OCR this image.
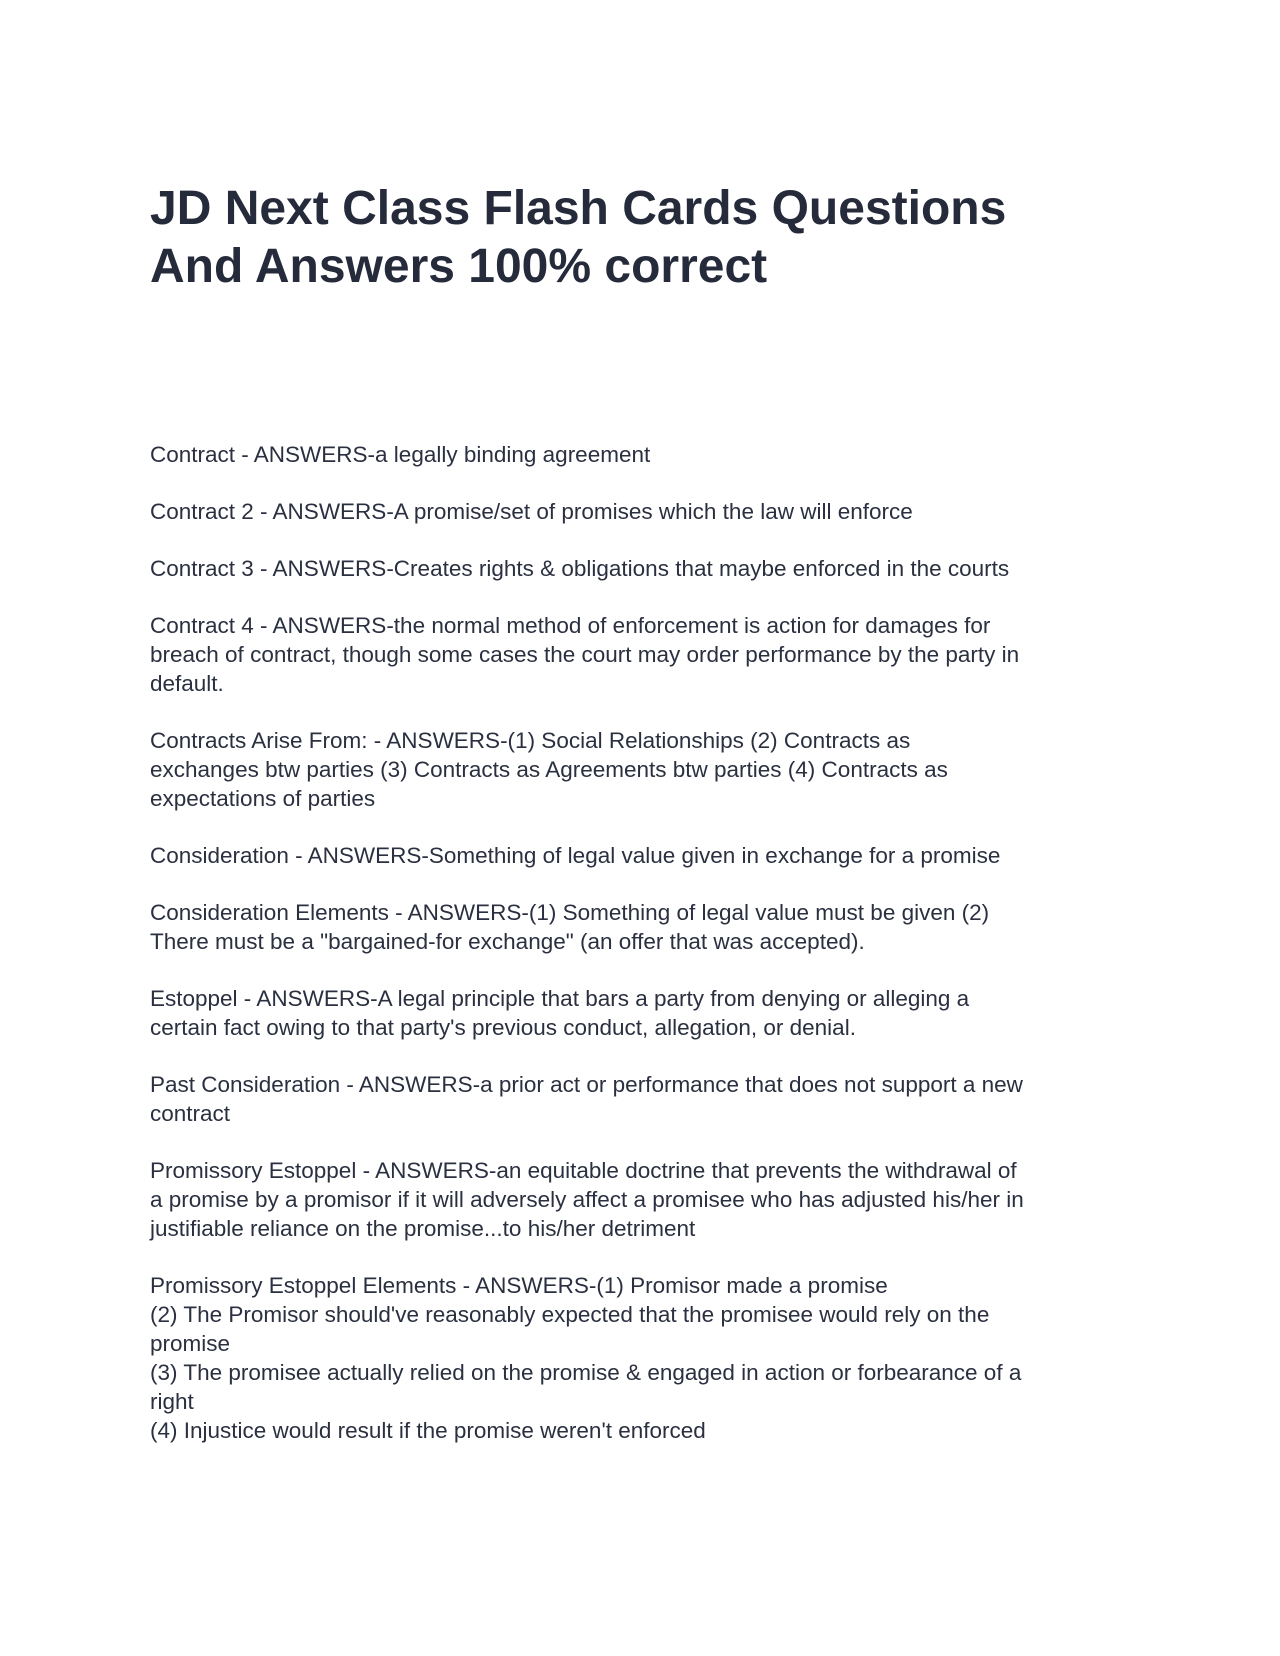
JD Next Class Flash Cards Questions
And Answers 100% correct

Contract - ANSWERS-a legally binding agreement

Contract 2 - ANSWERS-A promise/set of promises which the law will enforce

Contract 3 - ANSWERS-Creates rights & obligations that maybe enforced in the courts

Contract 4 - ANSWERS-the normal method of enforcement is action for damages for
breach of contract, though some cases the court may order performance by the party in
default.

Contracts Arise From: - ANSWERS-(1) Social Relationships (2) Contracts as
exchanges btw parties (3) Contracts as Agreements btw parties (4) Contracts as
expectations of parties

Consideration - ANSWERS-Something of legal value given in exchange for a promise

Consideration Elements - ANSWERS-(1) Something of legal value must be given (2)
There must be a "bargained-for exchange" (an offer that was accepted).

Estoppel - ANSWERS-A legal principle that bars a party from denying or alleging a
certain fact owing to that party's previous conduct, allegation, or denial.

Past Consideration - ANSWERS-a prior act or performance that does not support a new
contract

Promissory Estoppel - ANSWERS-an equitable doctrine that prevents the withdrawal of
a promise by a promisor if it will adversely affect a promisee who has adjusted his/her in
justifiable reliance on the promise...to his/her detriment

Promissory Estoppel Elements - ANSWERS-(1) Promisor made a promise
(2) The Promisor should've reasonably expected that the promisee would rely on the
promise
(3) The promisee actually relied on the promise & engaged in action or forbearance of a
right
(4) Injustice would result if the promise weren't enforced
